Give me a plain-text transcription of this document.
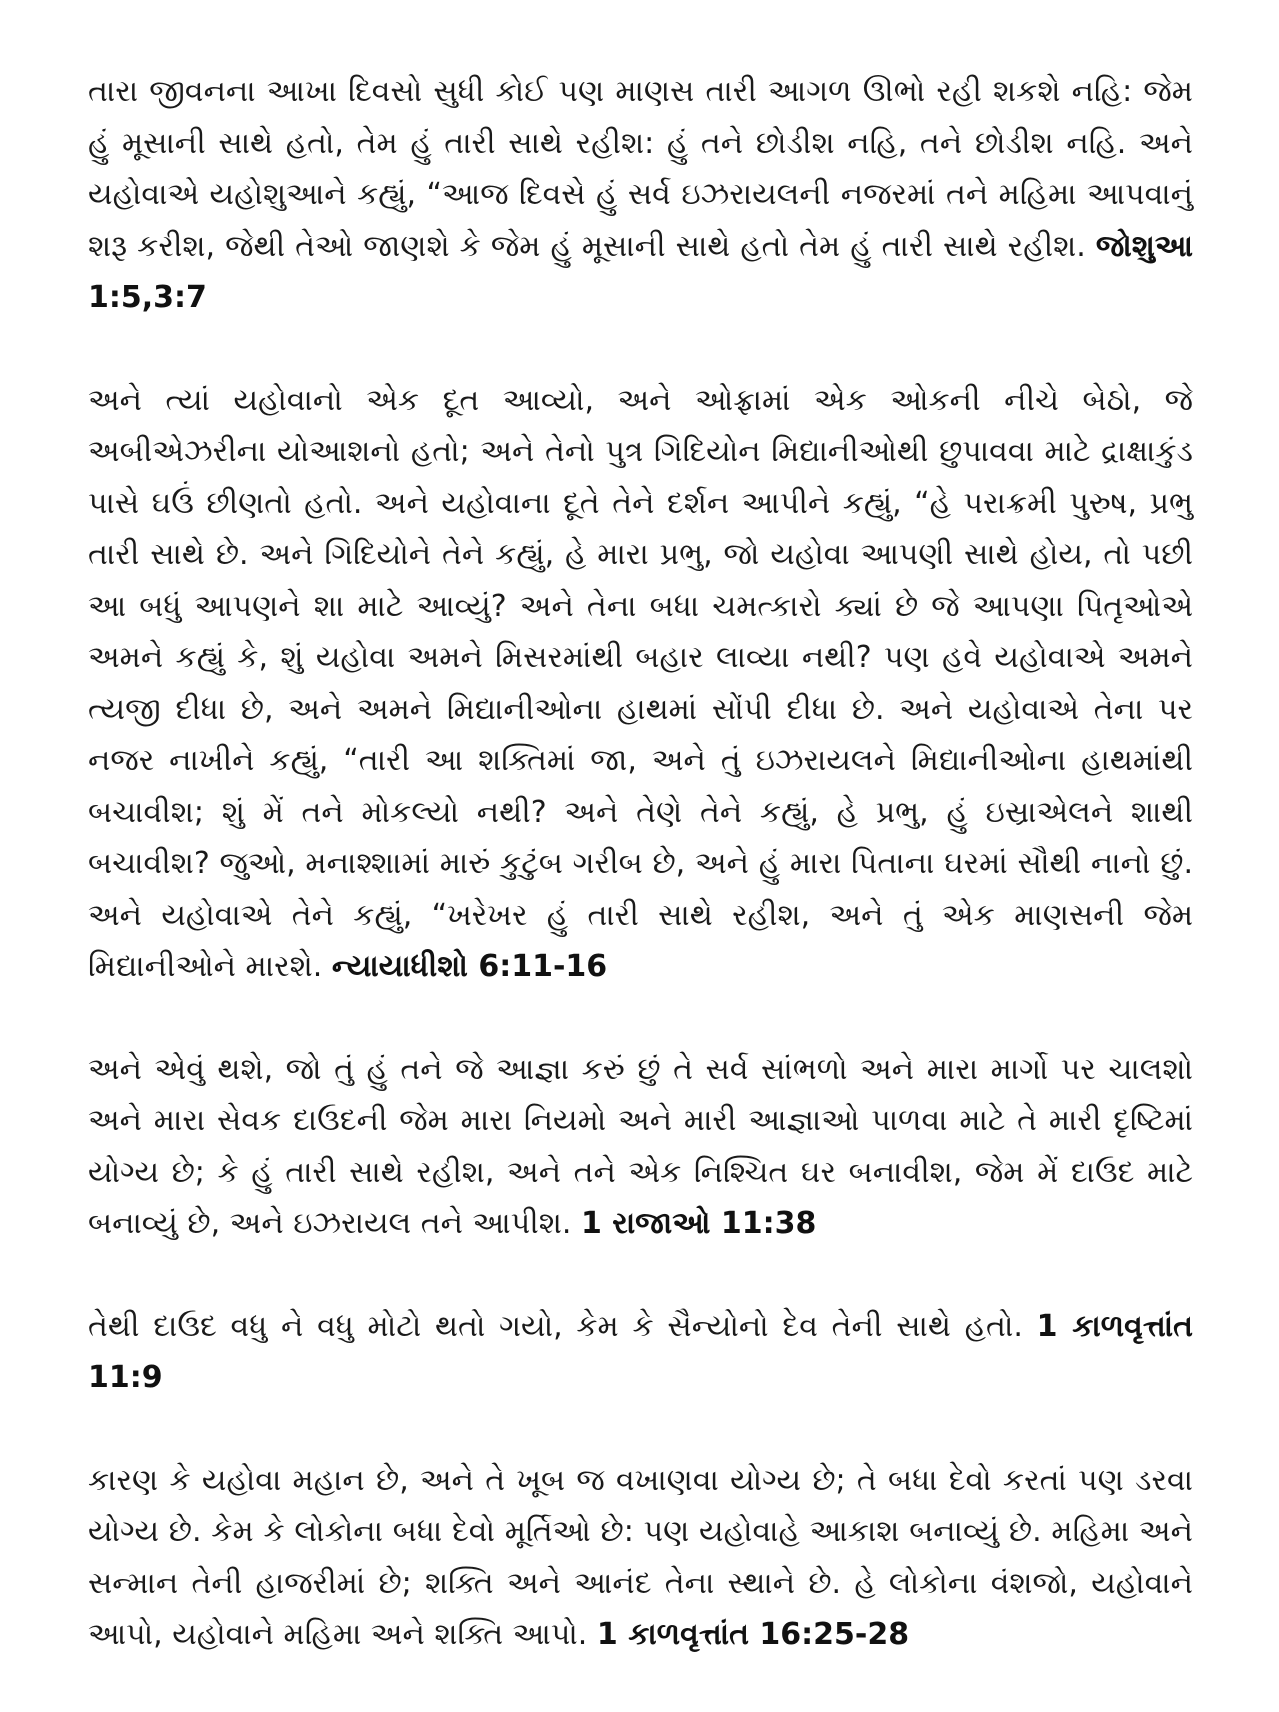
તારા જીવનના આખા દિવસો સુધી કોઈ પણ માણસ તારી આગળ ઊભો રહી શકશે નહિ: જેમ હું મૂસાની સાથે હતો, તેમ હું તારી સાથે રહીશ: હું તને છોડીશ નહિ, તને છોડીશ નહિ. અને યહોવાએ યહોશુઆને કહ્યું, “આજ દિવસે હું સર્વ ઇઝરાયલની નજરમાં તને મહિમા આપવાનું શરૂ કરીશ, જેથી તેઓ જાણશે કે જેમ હું મૂસાની સાથે હતો તેમ હું તારી સાથે રહીશ. જોશુઆ 1:5,3:7

અને ત્યાં યહોવાનો એક દૂત આવ્યો, અને ઓફ્રામાં એક ઓકની નીચે બેઠો, જે અબીએઝરીના યોઆશનો હતો; અને તેનો પુત્ર ગિદિયોન મિદ્યાનીઓથી છુપાવવા માટે દ્રાક્ષાકુંડ પાસે ઘઉં છીણતો હતો. અને યહોવાના દૂતે તેને દર્શન આપીને કહ્યું, “હે પરાક્રમી પુરુષ, પ્રભુ તારી સાથે છે. અને ગિદિયોને તેને કહ્યું, હે મારા પ્રભુ, જો યહોવા આપણી સાથે હોય, તો પછી આ બધું આપણને શા માટે આવ્યું? અને તેના બધા ચમત્કારો ક્યાં છે જે આપણા પિતૃઓએ અમને કહ્યું કે, શું યહોવા અમને મિસરમાંથી બહાર લાવ્યા નથી? પણ હવે યહોવાએ અમને ત્યજી દીધા છે, અને અમને મિદ્યાનીઓના હાથમાં સોંપી દીધા છે. અને યહોવાએ તેના પર નજર નાખીને કહ્યું, “તારી આ શક્તિમાં જા, અને તું ઇઝરાયલને મિદ્યાનીઓના હાથમાંથી બચાવીશ; શું મેં તને મોકલ્યો નથી? અને તેણે તેને કહ્યું, હે પ્રભુ, હું ઇસ્રાએલને શાથી બચાવીશ? જુઓ, મનાશ્શામાં મારું કુટુંબ ગરીબ છે, અને હું મારા પિતાના ઘરમાં સૌથી નાનો છું. અને યહોવાએ તેને કહ્યું, “ખરેખર હું તારી સાથે રહીશ, અને તું એક માણસની જેમ મિદ્યાનીઓને મારશે. ન્યાયાધીશો 6:11-16

અને એવું થશે, જો તું હું તને જે આજ્ઞા કરું છું તે સર્વ સાંભળો અને મારા માર્ગો પર ચાલશો અને મારા સેવક દાઉદની જેમ મારા નિયમો અને મારી આજ્ઞાઓ પાળવા માટે તે મારી દૃષ્ટિમાં યોગ્ય છે; કે હું તારી સાથે રહીશ, અને તને એક નિશ્ચિત ઘર બનાવીશ, જેમ મેં દાઉદ માટે બનાવ્યું છે, અને ઇઝરાયલ તને આપીશ. 1 રાજાઓ 11:38

તેથી દાઉદ વધુ ને વધુ મોટો થતો ગયો, કેમ કે સૈન્યોનો દેવ તેની સાથે હતો. 1 કાળવૃત્તાંત 11:9

કારણ કે યહોવા મહાન છે, અને તે ખૂબ જ વખાણવા યોગ્ય છે; તે બધા દેવો કરતાં પણ ડરવા યોગ્ય છે. કેમ કે લોકોના બધા દેવો મૂર્તિઓ છે: પણ યહોવાહે આકાશ બનાવ્યું છે. મહિમા અને સન્માન તેની હાજરીમાં છે; શક્તિ અને આનંદ તેના સ્થાને છે. હે લોકોના વંશજો, યહોવાને આપો, યહોવાને મહિમા અને શક્તિ આપો. 1 કાળવૃત્તાંત 16:25-28
